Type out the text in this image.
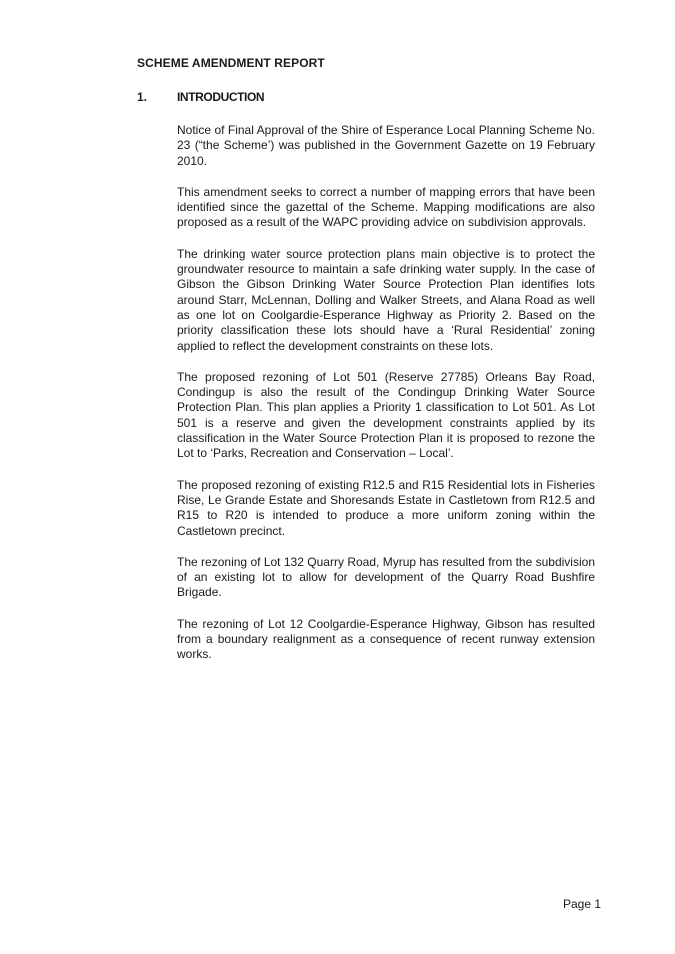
SCHEME AMENDMENT REPORT
1. INTRODUCTION

Notice of Final Approval of the Shire of Esperance Local Planning Scheme No. 23 (“the Scheme’) was published in the Government Gazette on 19 February 2010.

This amendment seeks to correct a number of mapping errors that have been identified since the gazettal of the Scheme. Mapping modifications are also proposed as a result of the WAPC providing advice on subdivision approvals.

The drinking water source protection plans main objective is to protect the groundwater resource to maintain a safe drinking water supply. In the case of Gibson the Gibson Drinking Water Source Protection Plan identifies lots around Starr, McLennan, Dolling and Walker Streets, and Alana Road as well as one lot on Coolgardie-Esperance Highway as Priority 2. Based on the priority classification these lots should have a ‘Rural Residential’ zoning applied to reflect the development constraints on these lots.

The proposed rezoning of Lot 501 (Reserve 27785) Orleans Bay Road, Condingup is also the result of the Condingup Drinking Water Source Protection Plan. This plan applies a Priority 1 classification to Lot 501. As Lot 501 is a reserve and given the development constraints applied by its classification in the Water Source Protection Plan it is proposed to rezone the Lot to ‘Parks, Recreation and Conservation – Local’.

The proposed rezoning of existing R12.5 and R15 Residential lots in Fisheries Rise, Le Grande Estate and Shoresands Estate in Castletown from R12.5 and R15 to R20 is intended to produce a more uniform zoning within the Castletown precinct.

The rezoning of Lot 132 Quarry Road, Myrup has resulted from the subdivision of an existing lot to allow for development of the Quarry Road Bushfire Brigade.

The rezoning of Lot 12 Coolgardie-Esperance Highway, Gibson has resulted from a boundary realignment as a consequence of recent runway extension works.

Page 1
